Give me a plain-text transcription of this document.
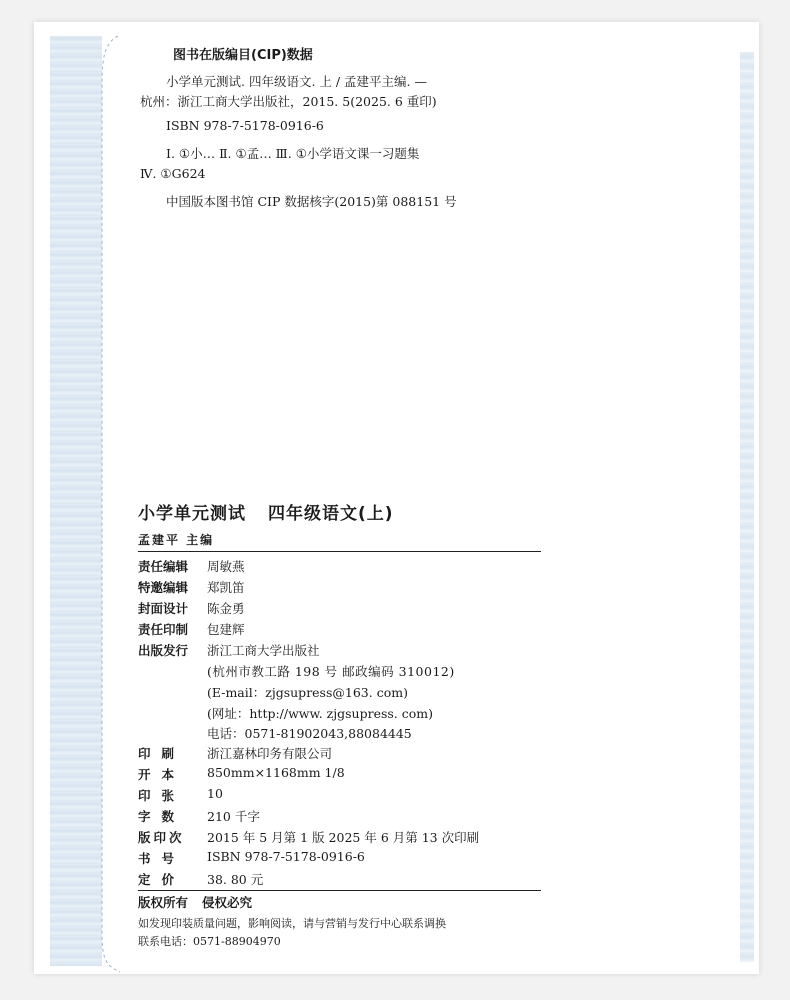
图书在版编目(CIP)数据
小学单元测试. 四年级语文. 上 / 孟建平主编. —
杭州：浙江工商大学出版社，2015. 5(2025. 6 重印)
ISBN 978-7-5178-0916-6
Ⅰ. ①小… Ⅱ. ①孟… Ⅲ. ①小学语文课一习题集
Ⅳ. ①G624
中国版本图书馆 CIP 数据核字(2015)第 088151 号
小学单元测试 四年级语文(上)
孟建平 主编
责任编辑 周敏燕
特邀编辑 郑凯笛
封面设计 陈金勇
责任印制 包建辉
出版发行 浙江工商大学出版社
(杭州市教工路 198 号 邮政编码 310012)
(E-mail：zjgsupress@163. com)
(网址：http://www. zjgsupress. com)
电话：0571-81902043,88084445
印刷 浙江嘉林印务有限公司
开本 850mm×1168mm 1/8
印张 10
字数 210 千字
版印次 2015 年 5 月第 1 版 2025 年 6 月第 13 次印刷
书号 ISBN 978-7-5178-0916-6
定价 38. 80 元
版权所有 侵权必究
如发现印装质量问题，影响阅读，请与营销与发行中心联系调换
联系电话：0571-88904970
